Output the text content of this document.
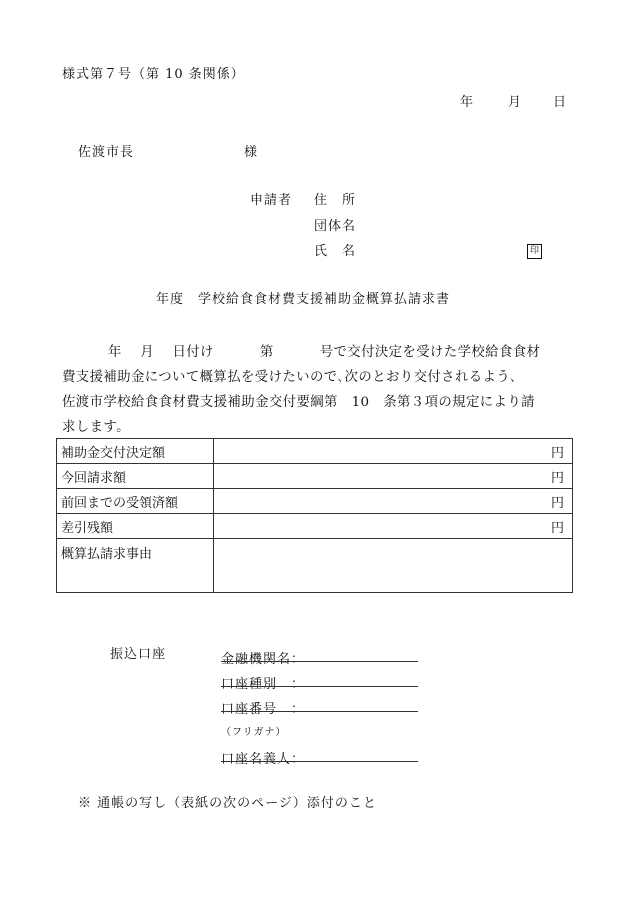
様式第７号（第 10 条関係）
年	月 日
佐渡市長	様
申請者 住　所
団体名
氏　名	印
年度　学校給食食材費支援補助金概算払請求書
年　 月　 日付け　　　 第　　　 号で交付決定を受けた学校給食食材
費支援補助金について概算払を受けたいので､次のとおり交付されるよう､
佐渡市学校給食食材費支援補助金交付要綱第　10　条第３項の規定により請
求します。
補助金交付決定額	円
今回請求額	円
前回までの受領済額	円
差引残額	円
概算払請求事由	
振込口座	金融機関名：
口座種別　：
口座番号　：
（フリガナ）
口座名義人：
※ 通帳の写し（表紙の次のページ）添付のこと
